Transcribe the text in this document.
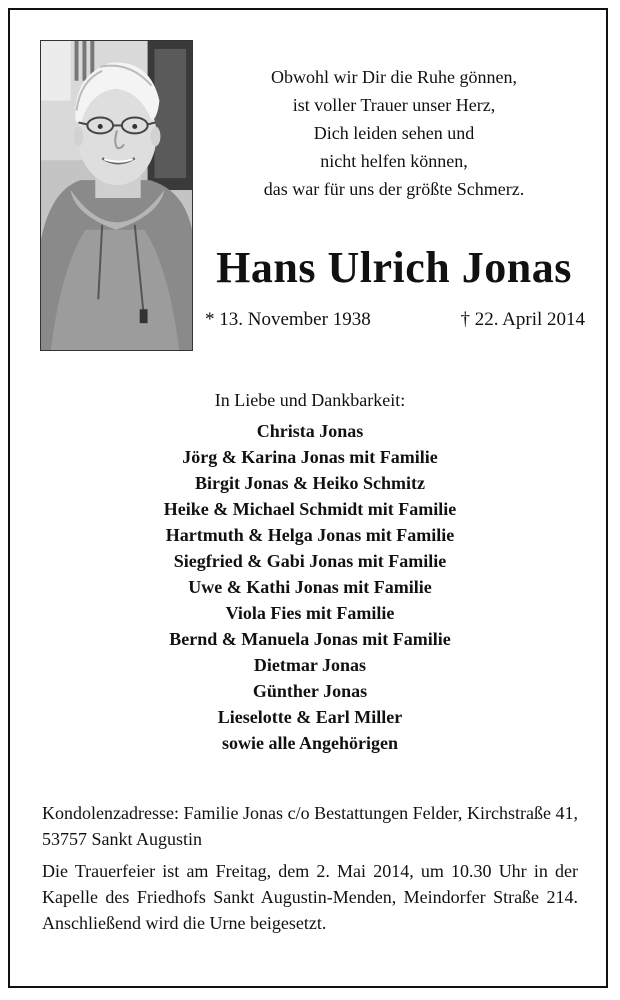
Obwohl wir Dir die Ruhe gönnen,
ist voller Trauer unser Herz,
Dich leiden sehen und
nicht helfen können,
das war für uns der größte Schmerz.
Hans Ulrich Jonas
* 13. November 1938	† 22. April 2014
In Liebe und Dankbarkeit:
Christa Jonas
Jörg & Karina Jonas mit Familie
Birgit Jonas & Heiko Schmitz
Heike & Michael Schmidt mit Familie
Hartmuth & Helga Jonas mit Familie
Siegfried & Gabi Jonas mit Familie
Uwe & Kathi Jonas mit Familie
Viola Fies mit Familie
Bernd & Manuela Jonas mit Familie
Dietmar Jonas
Günther Jonas
Lieselotte & Earl Miller
sowie alle Angehörigen

Kondolenzadresse: Familie Jonas c/o Bestattungen Felder, Kirchstraße 41, 53757 Sankt Augustin

Die Trauerfeier ist am Freitag, dem 2. Mai 2014, um 10.30 Uhr in der Kapelle des Friedhofs Sankt Augustin-Menden, Meindorfer Straße 214. Anschließend wird die Urne beigesetzt.
